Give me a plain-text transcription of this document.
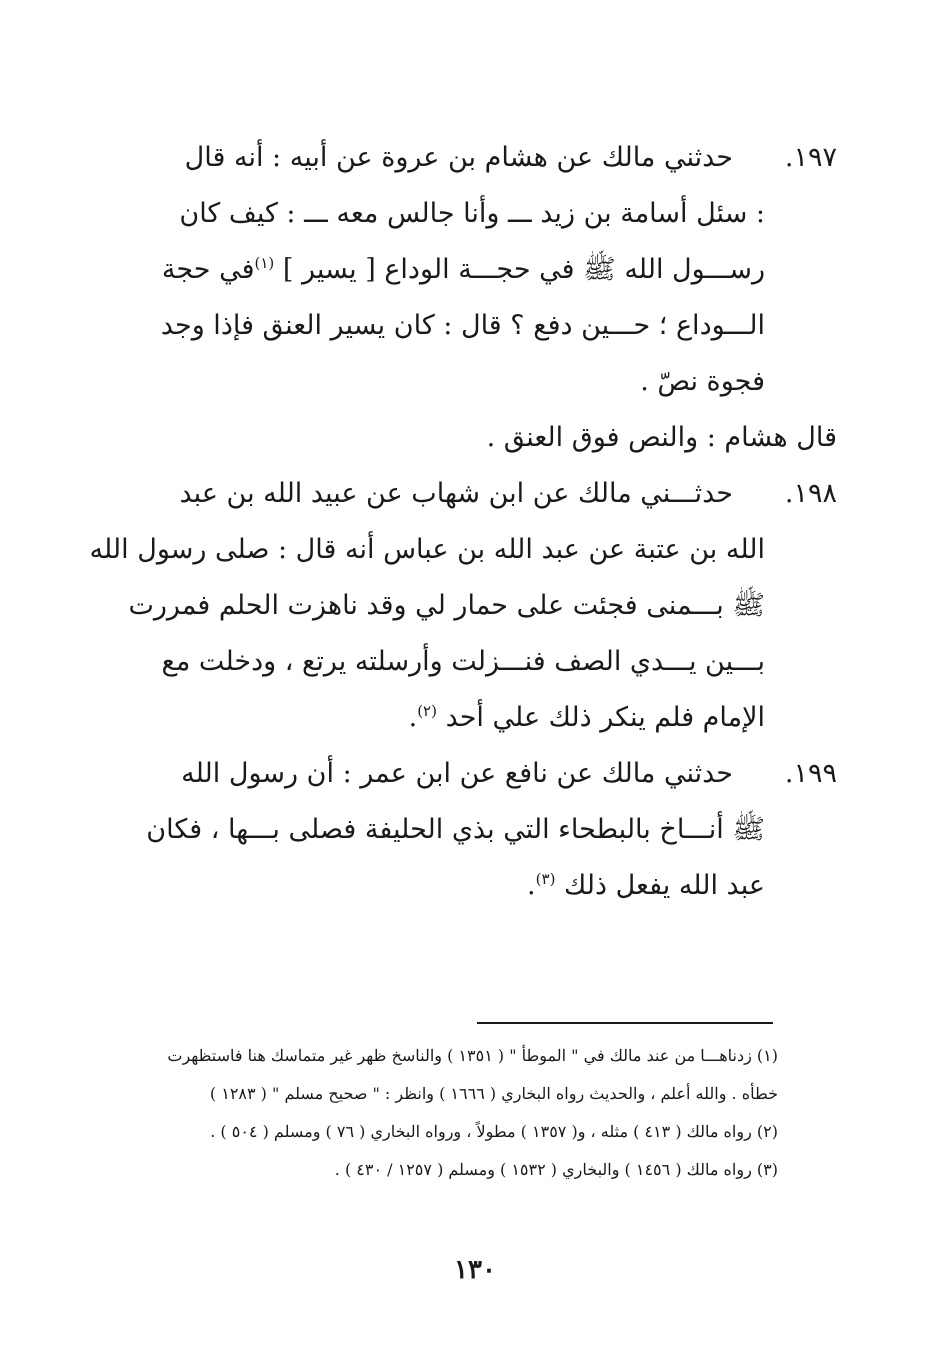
١٩٧.حدثني مالك عن هشام بن عروة عن أبيه : أنه قال
: سئل أسامة بن زيد ـــ وأنا جالس معه ـــ : كيف كان
رســـول الله ﷺ في حجـــة الوداع [ يسير ] $^{(١)}$في حجة
الـــوداع ؛ حـــين دفع ؟ قال : كان يسير العنق فإذا وجد
فجوة نصّ .
قال هشام : والنص فوق العنق .
١٩٨.حدثـــني مالك عن ابن شهاب عن عبيد الله بن عبد
الله بن عتبة عن عبد الله بن عباس أنه قال : صلى رسول الله
ﷺ بـــمنى فجئت على حمار لي وقد ناهزت الحلم فمررت
بـــين يـــدي الصف فنـــزلت وأرسلته يرتع ، ودخلت مع
الإمام فلم ينكر ذلك علي أحد $^{(٢)}$.
١٩٩.حدثني مالك عن نافع عن ابن عمر : أن رسول الله
ﷺ أنـــاخ بالبطحاء التي بذي الحليفة فصلى بـــها ، فكان
عبد الله يفعل ذلك $^{(٣)}$.
(١) زدناهـــا من عند مالك في " الموطأ " ( ١٣٥١ ) والناسخ ظهر غير متماسك هنا فاستظهرت
خطأه . والله أعلم ، والحديث رواه البخاري ( ١٦٦٦ ) وانظر : " صحيح مسلم " ( ١٢٨٣ )
(٢) رواه مالك ( ٤١٣ ) مثله ، و( ١٣٥٧ ) مطولاً ، ورواه البخاري ( ٧٦ ) ومسلم ( ٥٠٤ ) .
(٣) رواه مالك ( ١٤٥٦ ) والبخاري ( ١٥٣٢ ) ومسلم ( ١٢٥٧ / ٤٣٠ ) .
١٣٠
